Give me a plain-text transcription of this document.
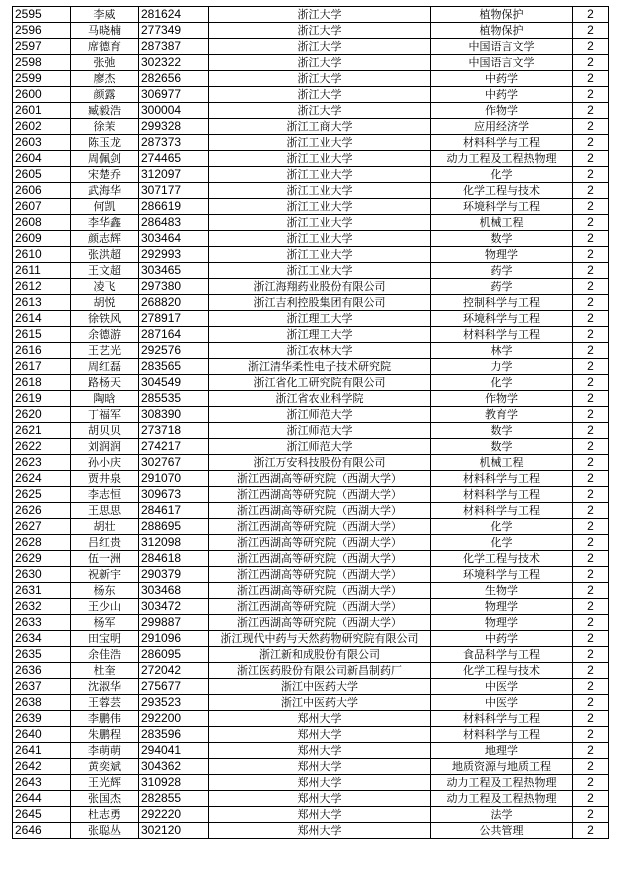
2595	李威	281624	浙江大学	植物保护	2
2596	马晓楠	277349	浙江大学	植物保护	2
2597	席德育	287387	浙江大学	中国语言文学	2
2598	张弛	302322	浙江大学	中国语言文学	2
2599	廖杰	282656	浙江大学	中药学	2
2600	颜露	306977	浙江大学	中药学	2
2601	臧毅浩	300004	浙江大学	作物学	2
2602	徐茉	299328	浙江工商大学	应用经济学	2
2603	陈玉龙	287373	浙江工业大学	材料科学与工程	2
2604	周佩剑	274465	浙江工业大学	动力工程及工程热物理	2
2605	宋楚乔	312097	浙江工业大学	化学	2
2606	武海华	307177	浙江工业大学	化学工程与技术	2
2607	何凯	286619	浙江工业大学	环境科学与工程	2
2608	李华鑫	286483	浙江工业大学	机械工程	2
2609	颜志辉	303464	浙江工业大学	数学	2
2610	张洪超	292993	浙江工业大学	物理学	2
2611	王文超	303465	浙江工业大学	药学	2
2612	凌飞	297380	浙江海翔药业股份有限公司	药学	2
2613	胡悦	268820	浙江吉利控股集团有限公司	控制科学与工程	2
2614	徐铁风	278917	浙江理工大学	环境科学与工程	2
2615	余德游	287164	浙江理工大学	材料科学与工程	2
2616	王艺光	292576	浙江农林大学	林学	2
2617	周红磊	283565	浙江清华柔性电子技术研究院	力学	2
2618	路杨天	304549	浙江省化工研究院有限公司	化学	2
2619	陶晗	285535	浙江省农业科学院	作物学	2
2620	丁福军	308390	浙江师范大学	教育学	2
2621	胡贝贝	273718	浙江师范大学	数学	2
2622	刘润润	274217	浙江师范大学	数学	2
2623	孙小庆	302767	浙江万安科技股份有限公司	机械工程	2
2624	贾井泉	291070	浙江西湖高等研究院（西湖大学）	材料科学与工程	2
2625	李志恒	309673	浙江西湖高等研究院（西湖大学）	材料科学与工程	2
2626	王思思	284617	浙江西湖高等研究院（西湖大学）	材料科学与工程	2
2627	胡壮	288695	浙江西湖高等研究院（西湖大学）	化学	2
2628	吕红贵	312098	浙江西湖高等研究院（西湖大学）	化学	2
2629	伍一洲	284618	浙江西湖高等研究院（西湖大学）	化学工程与技术	2
2630	祝新宇	290379	浙江西湖高等研究院（西湖大学）	环境科学与工程	2
2631	杨东	303468	浙江西湖高等研究院（西湖大学）	生物学	2
2632	王少山	303472	浙江西湖高等研究院（西湖大学）	物理学	2
2633	杨军	299887	浙江西湖高等研究院（西湖大学）	物理学	2
2634	田宝明	291096	浙江现代中药与天然药物研究院有限公司	中药学	2
2635	余佳浩	286095	浙江新和成股份有限公司	食品科学与工程	2
2636	杜奎	272042	浙江医药股份有限公司新昌制药厂	化学工程与技术	2
2637	沈淑华	275677	浙江中医药大学	中医学	2
2638	王蓉芸	293523	浙江中医药大学	中医学	2
2639	李鹏伟	292200	郑州大学	材料科学与工程	2
2640	朱鹏程	283596	郑州大学	材料科学与工程	2
2641	李萌萌	294041	郑州大学	地理学	2
2642	黄奕斌	304362	郑州大学	地质资源与地质工程	2
2643	王光辉	310928	郑州大学	动力工程及工程热物理	2
2644	张国杰	282855	郑州大学	动力工程及工程热物理	2
2645	杜志勇	292220	郑州大学	法学	2
2646	张聪丛	302120	郑州大学	公共管理	2
